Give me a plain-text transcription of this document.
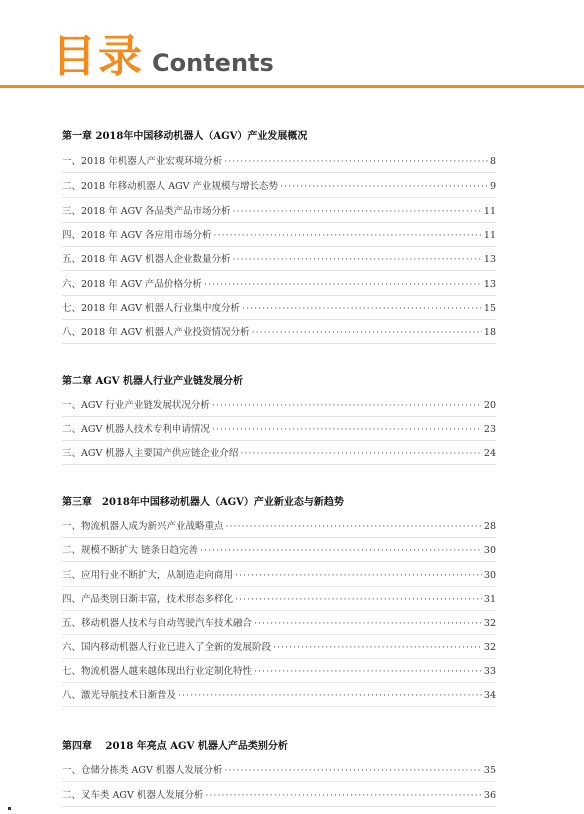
目录 Contents
第一章 2018年中国移动机器人（AGV）产业发展概况
一、2018 年机器人产业宏观环境分析 ·····	8
二、2018 年移动机器人 AGV 产业规模与增长态势 ·····	9
三、2018 年 AGV 各品类产品市场分析 ·····	11
四、2018 年 AGV 各应用市场分析 ·····	11
五、2018 年 AGV 机器人企业数量分析 ·····	13
六、2018 年 AGV 产品价格分析 ·····	13
七、2018 年 AGV 机器人行业集中度分析 ·····	15
八、2018 年 AGV 机器人产业投资情况分析 ·····	18
第二章 AGV 机器人行业产业链发展分析
一、AGV 行业产业链发展状况分析 ·····	20
二、AGV 机器人技术专利申请情况 ·····	23
三、AGV 机器人主要国产供应链企业介绍 ·····	24
第三章　2018年中国移动机器人（AGV）产业新业态与新趋势
一、物流机器人成为新兴产业战略重点 ·····	28
二、规模不断扩大 链条日趋完善 ·····	30
三、应用行业不断扩大，从制造走向商用 ·····	30
四、产品类别日渐丰富，技术形态多样化 ·····	31
五、移动机器人技术与自动驾驶汽车技术融合 ·····	32
六、国内移动机器人行业已进入了全新的发展阶段 ·····	32
七、物流机器人越来越体现出行业定制化特性 ·····	33
八、激光导航技术日渐普及 ·····	34
第四章　 2018 年亮点 AGV 机器人产品类别分析
一、仓储分拣类 AGV 机器人发展分析 ·····	35
二、叉车类 AGV 机器人发展分析 ·····	36
